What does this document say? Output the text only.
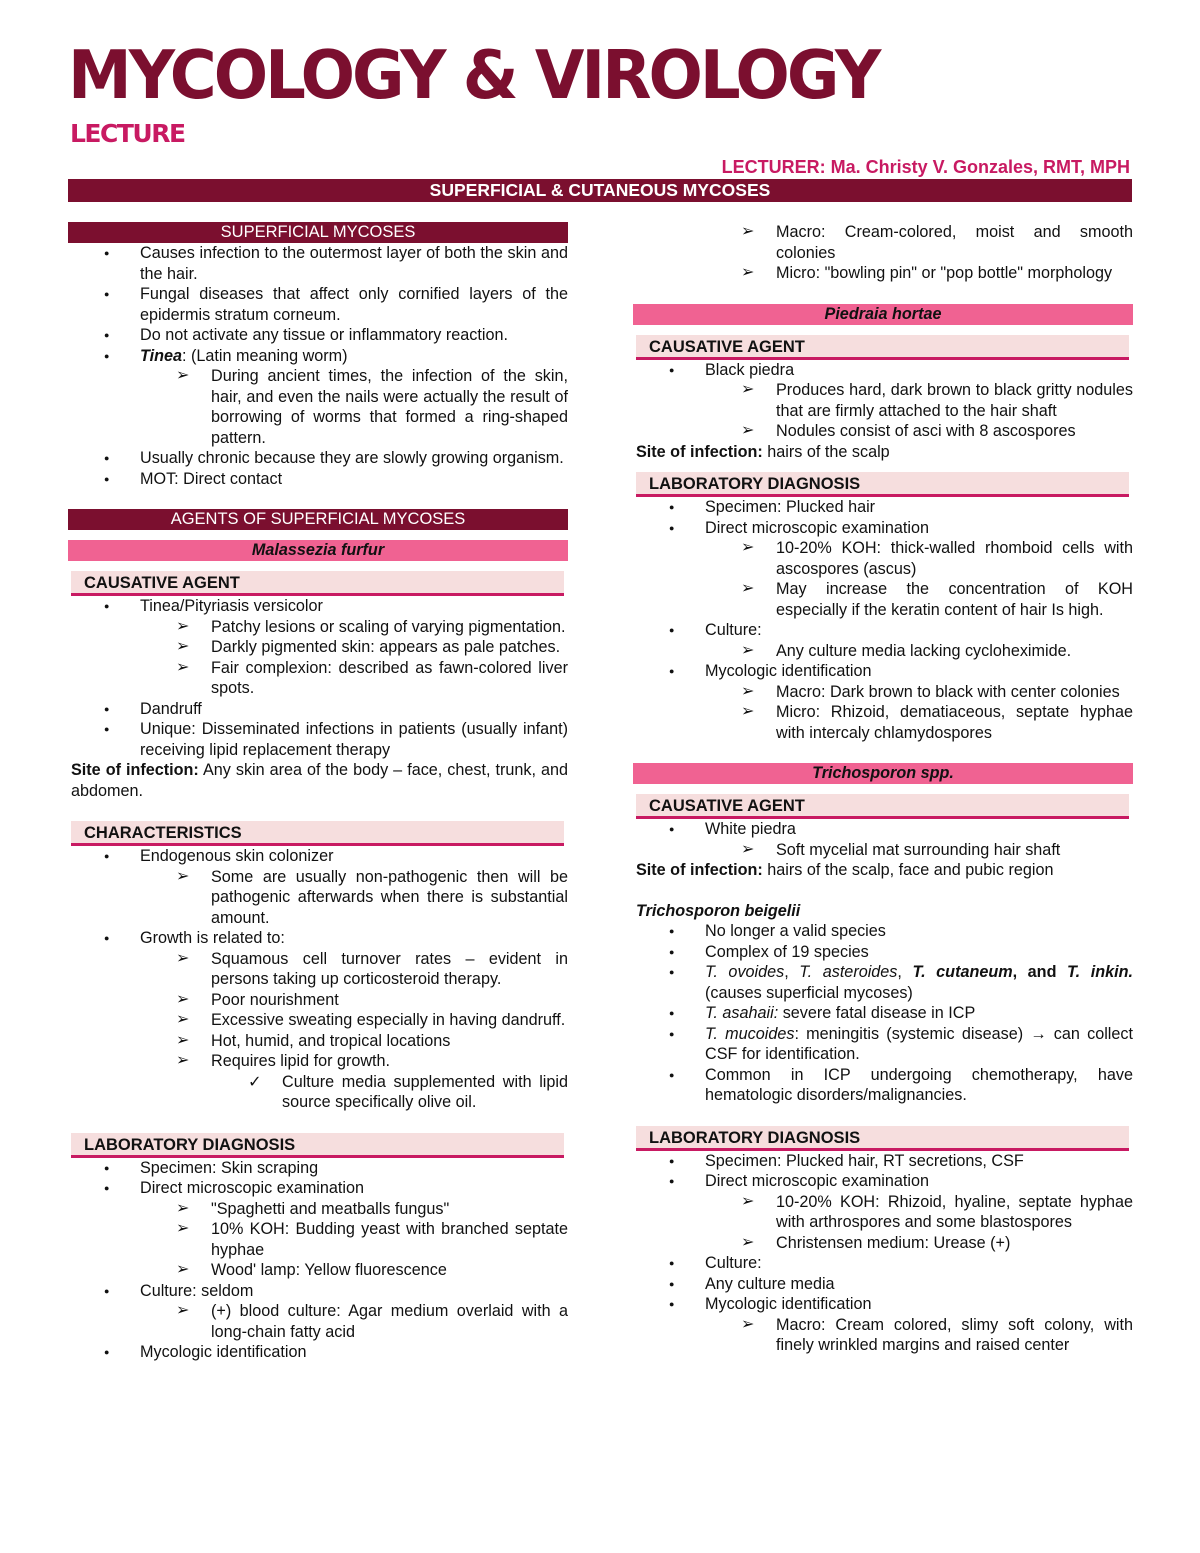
MYCOLOGY & VIROLOGY
LECTURE
LECTURER: Ma. Christy V. Gonzales, RMT, MPH
SUPERFICIAL & CUTANEOUS MYCOSES
SUPERFICIAL MYCOSES
● Causes infection to the outermost layer of both the skin and the hair.
● Fungal diseases that affect only cornified layers of the epidermis stratum corneum.
● Do not activate any tissue or inflammatory reaction.
● Tinea: (Latin meaning worm)
➢ During ancient times, the infection of the skin, hair, and even the nails were actually the result of borrowing of worms that formed a ring-shaped pattern.
● Usually chronic because they are slowly growing organism.
● MOT: Direct contact
AGENTS OF SUPERFICIAL MYCOSES
Malassezia furfur
CAUSATIVE AGENT
● Tinea/Pityriasis versicolor
➢ Patchy lesions or scaling of varying pigmentation.
➢ Darkly pigmented skin: appears as pale patches.
➢ Fair complexion: described as fawn-colored liver spots.
● Dandruff
● Unique: Disseminated infections in patients (usually infant) receiving lipid replacement therapy
Site of infection: Any skin area of the body – face, chest, trunk, and abdomen.
CHARACTERISTICS
● Endogenous skin colonizer
➢ Some are usually non-pathogenic then will be pathogenic afterwards when there is substantial amount.
● Growth is related to:
➢ Squamous cell turnover rates – evident in persons taking up corticosteroid therapy.
➢ Poor nourishment
➢ Excessive sweating especially in having dandruff.
➢ Hot, humid, and tropical locations
➢ Requires lipid for growth.
✓ Culture media supplemented with lipid source specifically olive oil.
LABORATORY DIAGNOSIS
● Specimen: Skin scraping
● Direct microscopic examination
➢ "Spaghetti and meatballs fungus"
➢ 10% KOH: Budding yeast with branched septate hyphae
➢ Wood' lamp: Yellow fluorescence
● Culture: seldom
➢ (+) blood culture: Agar medium overlaid with a long-chain fatty acid
● Mycologic identification
➢ Macro: Cream-colored, moist and smooth colonies
➢ Micro: "bowling pin" or "pop bottle" morphology
Piedraia hortae
CAUSATIVE AGENT
● Black piedra
➢ Produces hard, dark brown to black gritty nodules that are firmly attached to the hair shaft
➢ Nodules consist of asci with 8 ascospores
Site of infection: hairs of the scalp
LABORATORY DIAGNOSIS
● Specimen: Plucked hair
● Direct microscopic examination
➢ 10-20% KOH: thick-walled rhomboid cells with ascospores (ascus)
➢ May increase the concentration of KOH especially if the keratin content of hair Is high.
● Culture:
➢ Any culture media lacking cycloheximide.
● Mycologic identification
➢ Macro: Dark brown to black with center colonies
➢ Micro: Rhizoid, dematiaceous, septate hyphae with intercaly chlamydospores
Trichosporon spp.
CAUSATIVE AGENT
● White piedra
➢ Soft mycelial mat surrounding hair shaft
Site of infection: hairs of the scalp, face and pubic region
Trichosporon beigelii
● No longer a valid species
● Complex of 19 species
● T. ovoides, T. asteroides, T. cutaneum, and T. inkin. (causes superficial mycoses)
● T. asahaii: severe fatal disease in ICP
● T. mucoides: meningitis (systemic disease) → can collect CSF for identification.
● Common in ICP undergoing chemotherapy, have hematologic disorders/malignancies.
LABORATORY DIAGNOSIS
● Specimen: Plucked hair, RT secretions, CSF
● Direct microscopic examination
➢ 10-20% KOH: Rhizoid, hyaline, septate hyphae with arthrospores and some blastospores
➢ Christensen medium: Urease (+)
● Culture:
● Any culture media
● Mycologic identification
➢ Macro: Cream colored, slimy soft colony, with finely wrinkled margins and raised center
